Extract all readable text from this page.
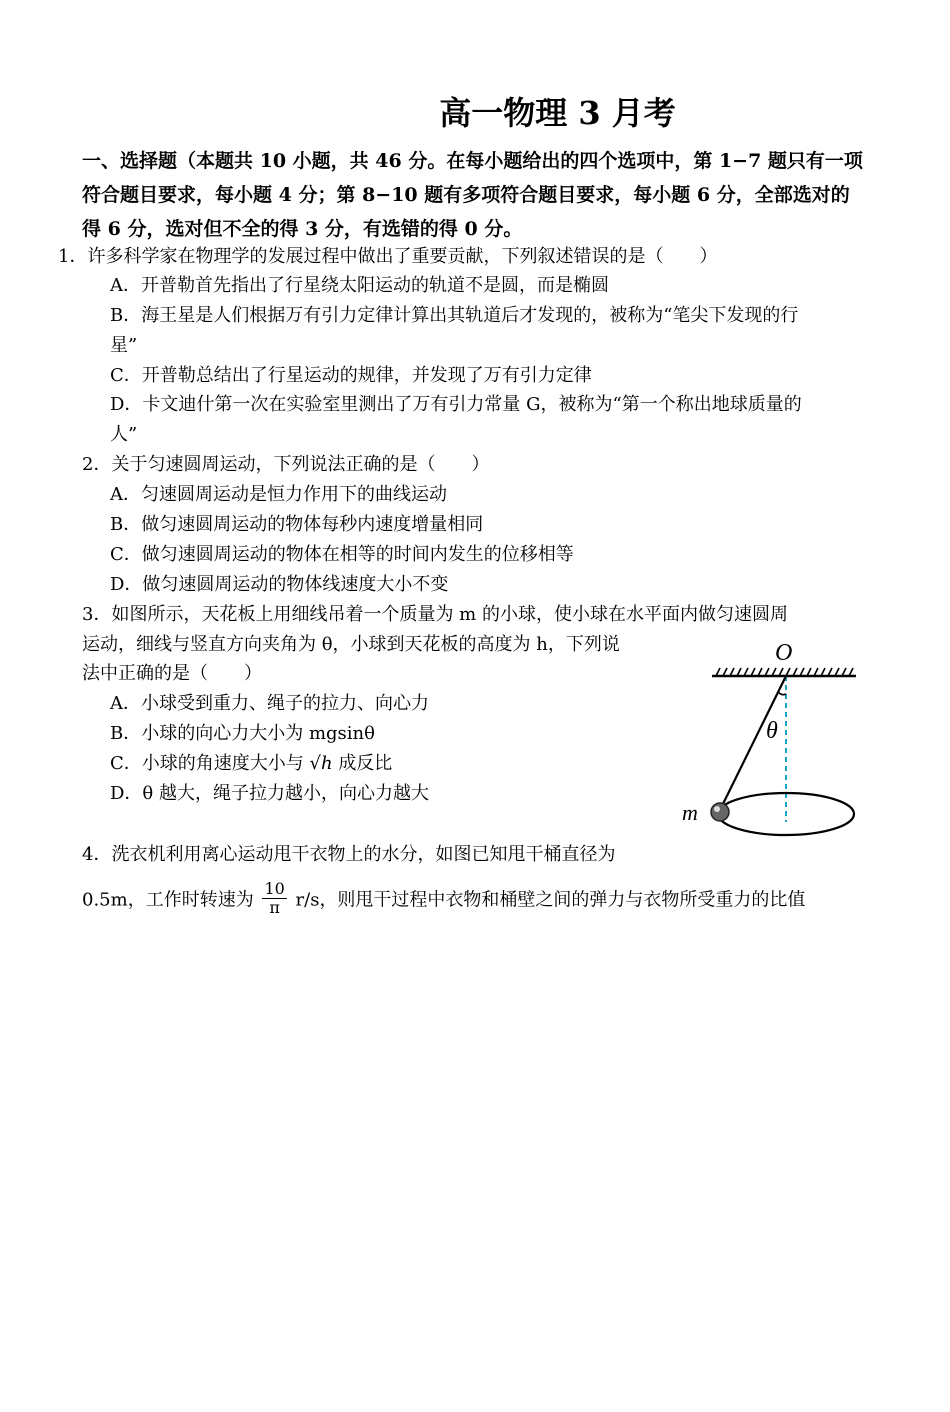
高一物理 3 月考
一、选择题（本题共 10 小题，共 46 分。在每小题给出的四个选项中，第 1−7 题只有一项
符合题目要求，每小题 4 分；第 8−10 题有多项符合题目要求，每小题 6 分，全部选对的
得 6 分，选对但不全的得 3 分，有选错的得 0 分。
1．许多科学家在物理学的发展过程中做出了重要贡献，下列叙述错误的是（　　）
A．开普勒首先指出了行星绕太阳运动的轨道不是圆，而是椭圆
B．海王星是人们根据万有引力定律计算出其轨道后才发现的，被称为“笔尖下发现的行
星”
C．开普勒总结出了行星运动的规律，并发现了万有引力定律
D．卡文迪什第一次在实验室里测出了万有引力常量 G，被称为“第一个称出地球质量的
人”
2．关于匀速圆周运动，下列说法正确的是（　　）
A．匀速圆周运动是恒力作用下的曲线运动
B．做匀速圆周运动的物体每秒内速度增量相同
C．做匀速圆周运动的物体在相等的时间内发生的位移相等
D．做匀速圆周运动的物体线速度大小不变
3．如图所示，天花板上用细线吊着一个质量为 m 的小球，使小球在水平面内做匀速圆周
运动，细线与竖直方向夹角为 θ，小球到天花板的高度为 h，下列说
法中正确的是（　　）
A．小球受到重力、绳子的拉力、向心力
B．小球的向心力大小为 mgsinθ
C．小球的角速度大小与 √h 成反比
D．θ 越大，绳子拉力越小，向心力越大
O
θ
m
4．洗衣机利用离心运动甩干衣物上的水分，如图已知甩干桶直径为
0.5m，工作时转速为 $\frac{10}{\pi} r/s$，则甩干过程中衣物和桶壁之间的弹力与衣物所受重力的比值
